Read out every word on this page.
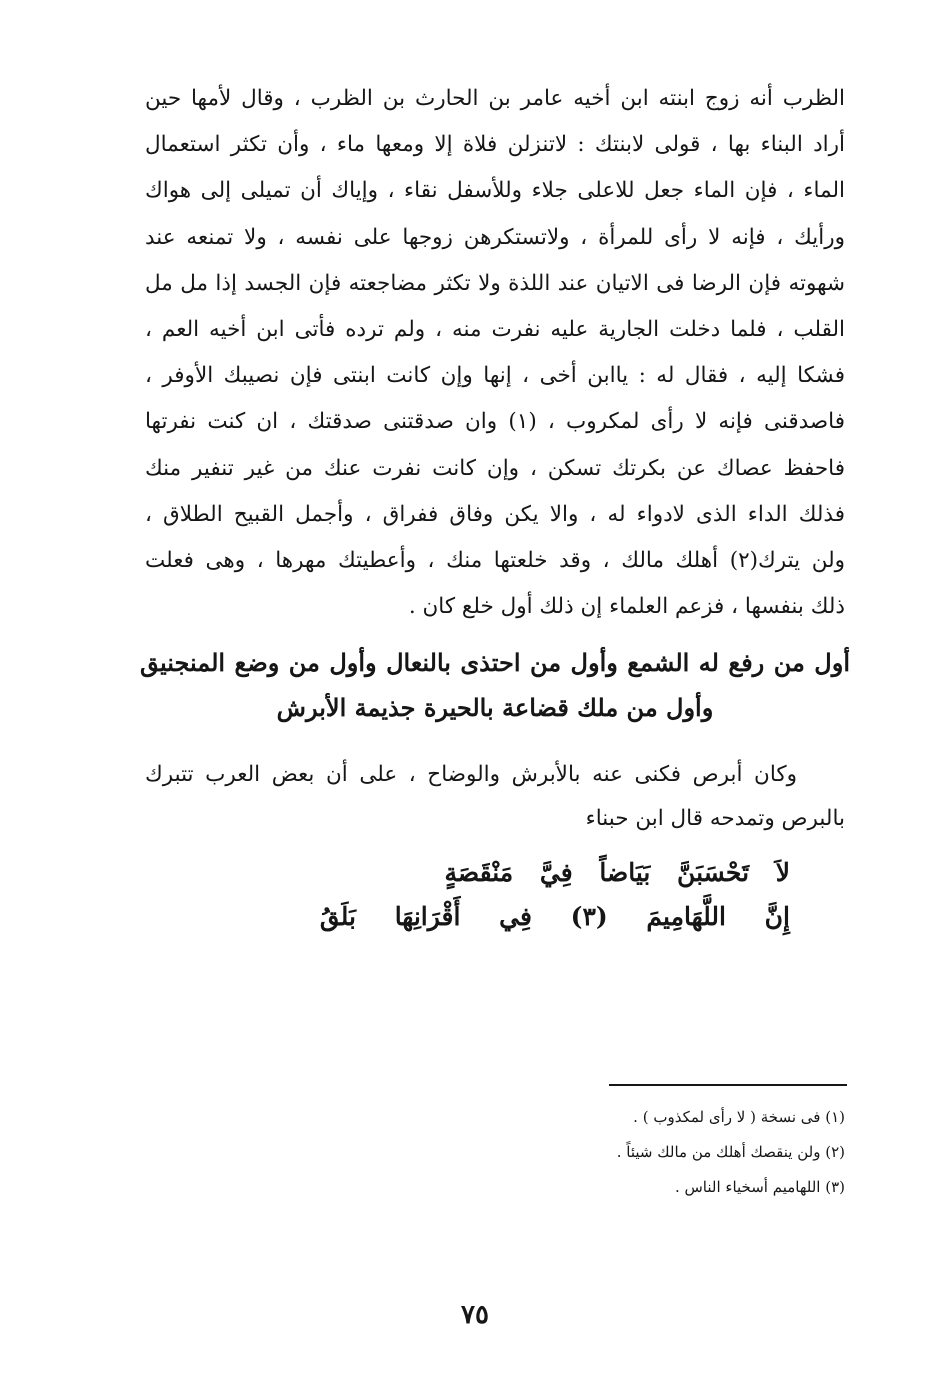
الظرب أنه زوج ابنته ابن أخيه عامر بن الحارث بن الظرب ، وقال لأمها حين
أراد البناء بها ، قولى لابنتك : لاتنزلن فلاة إلا ومعها ماء ، وأن تكثر استعمال
الماء ، فإن الماء جعل للاعلى جلاء وللأسفل نقاء ، وإياك أن تميلى إلى هواك
ورأيك ، فإنه لا رأى للمرأة ، ولاتستكرهن زوجها على نفسه ، ولا تمنعه عند
شهوته فإن الرضا فى الاتيان عند اللذة ولا تكثر مضاجعته فإن الجسد إذا مل مل
القلب ، فلما دخلت الجارية عليه نفرت منه ، ولم ترده فأتى ابن أخيه العم ،
فشكا إليه ، فقال له : ياابن أخى ، إنها وإن كانت ابنتى فإن نصيبك الأوفر ،
فاصدقنى فإنه لا رأى لمكروب ، (١) وان صدقتنى صدقتك ، ان كنت نفرتها
فاحفظ عصاك عن بكرتك تسكن ، وإن كانت نفرت عنك من غير تنفير منك
فذلك الداء الذى لادواء له ، والا يكن وفاق ففراق ، وأجمل القبيح الطلاق ،
ولن يترك(٢) أهلك مالك ، وقد خلعتها منك ، وأعطيتك مهرها ، وهى فعلت
ذلك بنفسها ، فزعم العلماء إن ذلك أول خلع كان .
أول من رفع له الشمع وأول من احتذى بالنعال وأول من وضع المنجنيق
وأول من ملك قضاعة بالحيرة جذيمة الأبرش
وكان أبرص فكنى عنه بالأبرش والوضاح ، على أن بعض العرب تتبرك
بالبرص وتمدحه قال ابن حبناء
لاَ تَحْسَبَنَّ بَيَاضاً فِيَّ مَنْقَصَةٍ
إِنَّ اللَّهَامِيمَ (٣) فِي أَقْرَانِهَا بَلَقُ
(١) فى نسخة ( لا رأى لمكذوب ) .
(٢) ولن ينقصك أهلك من مالك شيئاً .
(٣) اللهاميم أسخياء الناس .
٧٥
